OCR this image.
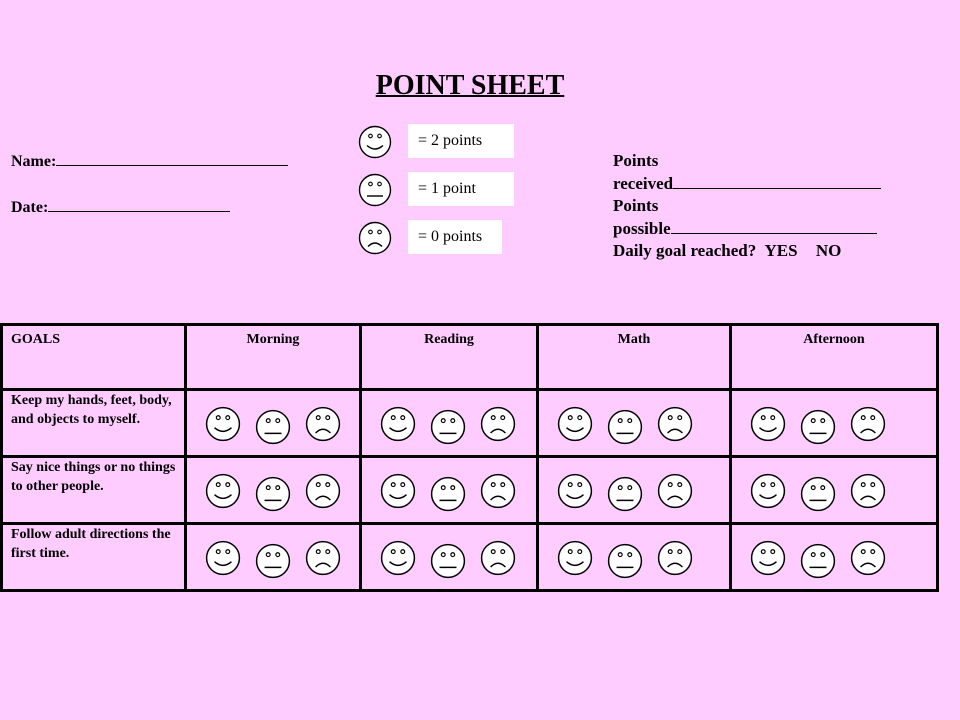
POINT SHEET
Name:
Date:
= 2 points
= 1 point
= 0 points
Points
received
Points
possible
Daily goal reached? YES NO
GOALS	Morning	Reading	Math	Afternoon
Keep my hands, feet, body, and objects to myself.	

Say nice things or no things to other people.	

Follow adult directions the first time.	
